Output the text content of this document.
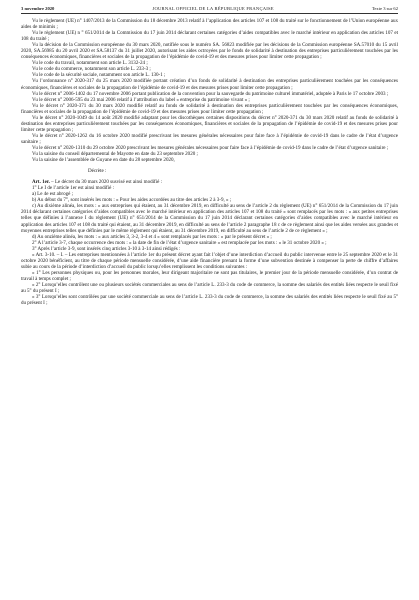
3 novembre 2020	JOURNAL OFFICIEL DE LA RÉPUBLIQUE FRANÇAISE	Texte 3 sur 62

Vu le règlement (UE) n° 1407/2013 de la Commission du 18 décembre 2013 relatif à l’application des articles 107 et 108 du traité sur le fonctionnement de l’Union européenne aux aides de minimis ;

Vu le règlement (UE) n ° 651/2014 de la Commission du 17 juin 2014 déclarant certaines catégories d’aides compatibles avec le marché intérieur en application des articles 107 et 108 du traité ;

Vu la décision de la Commission européenne du 30 mars 2020, notifiée sous le numéro SA. 56823 modifiée par les décisions de la Commission européenne SA.57010 du 15 avril 2020, SA.56985 du 20 avril 2020 et SA.58137 du 31 juillet 2020, autorisant les aides octroyées par le fonds de solidarité à destination des entreprises particulièrement touchées par les conséquences économiques, financières et sociales de la propagation de l’épidémie de covid-19 et des mesures prises pour limiter cette propagation ;

Vu le code du travail, notamment son article L. 3132-24 ;

Vu le code du commerce, notamment son article L. 233-3 ;

Vu le code de la sécurité sociale, notamment son article L. 130-1 ;

Vu l’ordonnance n° 2020-317 du 25 mars 2020 modifiée portant création d’un fonds de solidarité à destination des entreprises particulièrement touchées par les conséquences économiques, financières et sociales de la propagation de l’épidémie de covid-19 et des mesures prises pour limiter cette propagation ;

Vu le décret n° 2006-1402 du 17 novembre 2006 portant publication de la convention pour la sauvegarde du patrimoine culturel immatériel, adoptée à Paris le 17 octobre 2003 ;

Vu le décret n° 2006-595 du 23 mai 2006 relatif à l’attribution du label « entreprise du patrimoine vivant » ;

Vu le décret n° 2020-371 du 30 mars 2020 modifié relatif au fonds de solidarité à destination des entreprises particulièrement touchées par les conséquences économiques, financières et sociales de la propagation de l’épidémie de covid-19 et des mesures prises pour limiter cette propagation ;

Vu le décret n° 2020-1049 du 14 août 2020 modifié adaptant pour les discothèques certaines dispositions du décret n° 2020-371 du 30 mars 2020 relatif au fonds de solidarité à destination des entreprises particulièrement touchées par les conséquences économiques, financières et sociales de la propagation de l’épidémie de covid-19 et des mesures prises pour limiter cette propagation ;

Vu le décret n° 2020-1262 du 16 octobre 2020 modifié prescrivant les mesures générales nécessaires pour faire face à l’épidémie de covid-19 dans le cadre de l’état d’urgence sanitaire ;

Vu le décret n° 2020-1310 du 29 octobre 2020 prescrivant les mesures générales nécessaires pour faire face à l’épidémie de covid-19 dans le cadre de l’état d’urgence sanitaire ;

Vu la saisine du conseil départemental de Mayotte en date du 23 septembre 2020 ;

Vu la saisine de l’assemblée de Guyane en date du 28 septembre 2020,

Décrète :

Art. 1er. – Le décret du 30 mars 2020 susvisé est ainsi modifié :

1° Le I de l’article 1er est ainsi modifié :

a) Le 4e est abrogé ;

b) Au début du 7°, sont insérés les mots : « Pour les aides accordées au titre des articles 2 à 3-9, » ;

c) Au dixième alinéa, les mots : « aux entreprises qui étaient, au 31 décembre 2019, en difficulté au sens de l’article 2 du règlement (UE) n° 651/2014 de la Commission du 17 juin 2014 déclarant certaines catégories d’aides compatibles avec le marché intérieur en application des articles 107 et 108 du traité » sont remplacés par les mots : « aux petites entreprises telles que définies à l’annexe I du règlement (UE) n° 651/2014 de la Commission du 17 juin 2014 déclarant certaines catégories d’aides compatibles avec le marché intérieur en application des articles 107 et 108 du traité qui étaient, au 31 décembre 2019, en difficulté au sens de l’article 2 paragraphe 18 c de ce règlement ainsi que les aides versées aux grandes et moyennes entreprises telles que définies par le même règlement qui étaient, au 31 décembre 2019, en difficulté au sens de l’article 2 de ce règlement » ;

d) Au onzième alinéa, les mots : « aux articles 3, 3-2, 3-4 et 4 » sont remplacés par les mots : « par le présent décret » ;

2° A l’article 3-7, chaque occurrence des mots : « la date de fin de l’état d’urgence sanitaire » est remplacée par les mots : « le 31 octobre 2020 » ;

3° Après l’article 3-9, sont insérés cinq articles 3-10 à 3-14 ainsi rédigés :

« Art. 3-10. – I. – Les entreprises mentionnées à l’article 1er du présent décret ayant fait l’objet d’une interdiction d’accueil du public intervenue entre le 25 septembre 2020 et le 31 octobre 2020 bénéficient, au titre de chaque période mensuelle considérée, d’une aide financière prenant la forme d’une subvention destinée à compenser la perte de chiffre d’affaires subie au cours de la période d’interdiction d’accueil du public lorsqu’elles remplissent les conditions suivantes :

« 1° Les personnes physiques ou, pour les personnes morales, leur dirigeant majoritaire ne sont pas titulaires, le premier jour de la période mensuelle considérée, d’un contrat de travail à temps complet ;

« 2° Lorsqu’elles contrôlent une ou plusieurs sociétés commerciales au sens de l’article L. 233-3 du code de commerce, la somme des salariés des entités liées respecte le seuil fixé au 5° du présent I ;

« 3° Lorsqu’elles sont contrôlées par une société commerciale au sens de l’article L. 233-3 du code de commerce, la somme des salariés des entités liées respecte le seuil fixé au 5° du présent I ;
